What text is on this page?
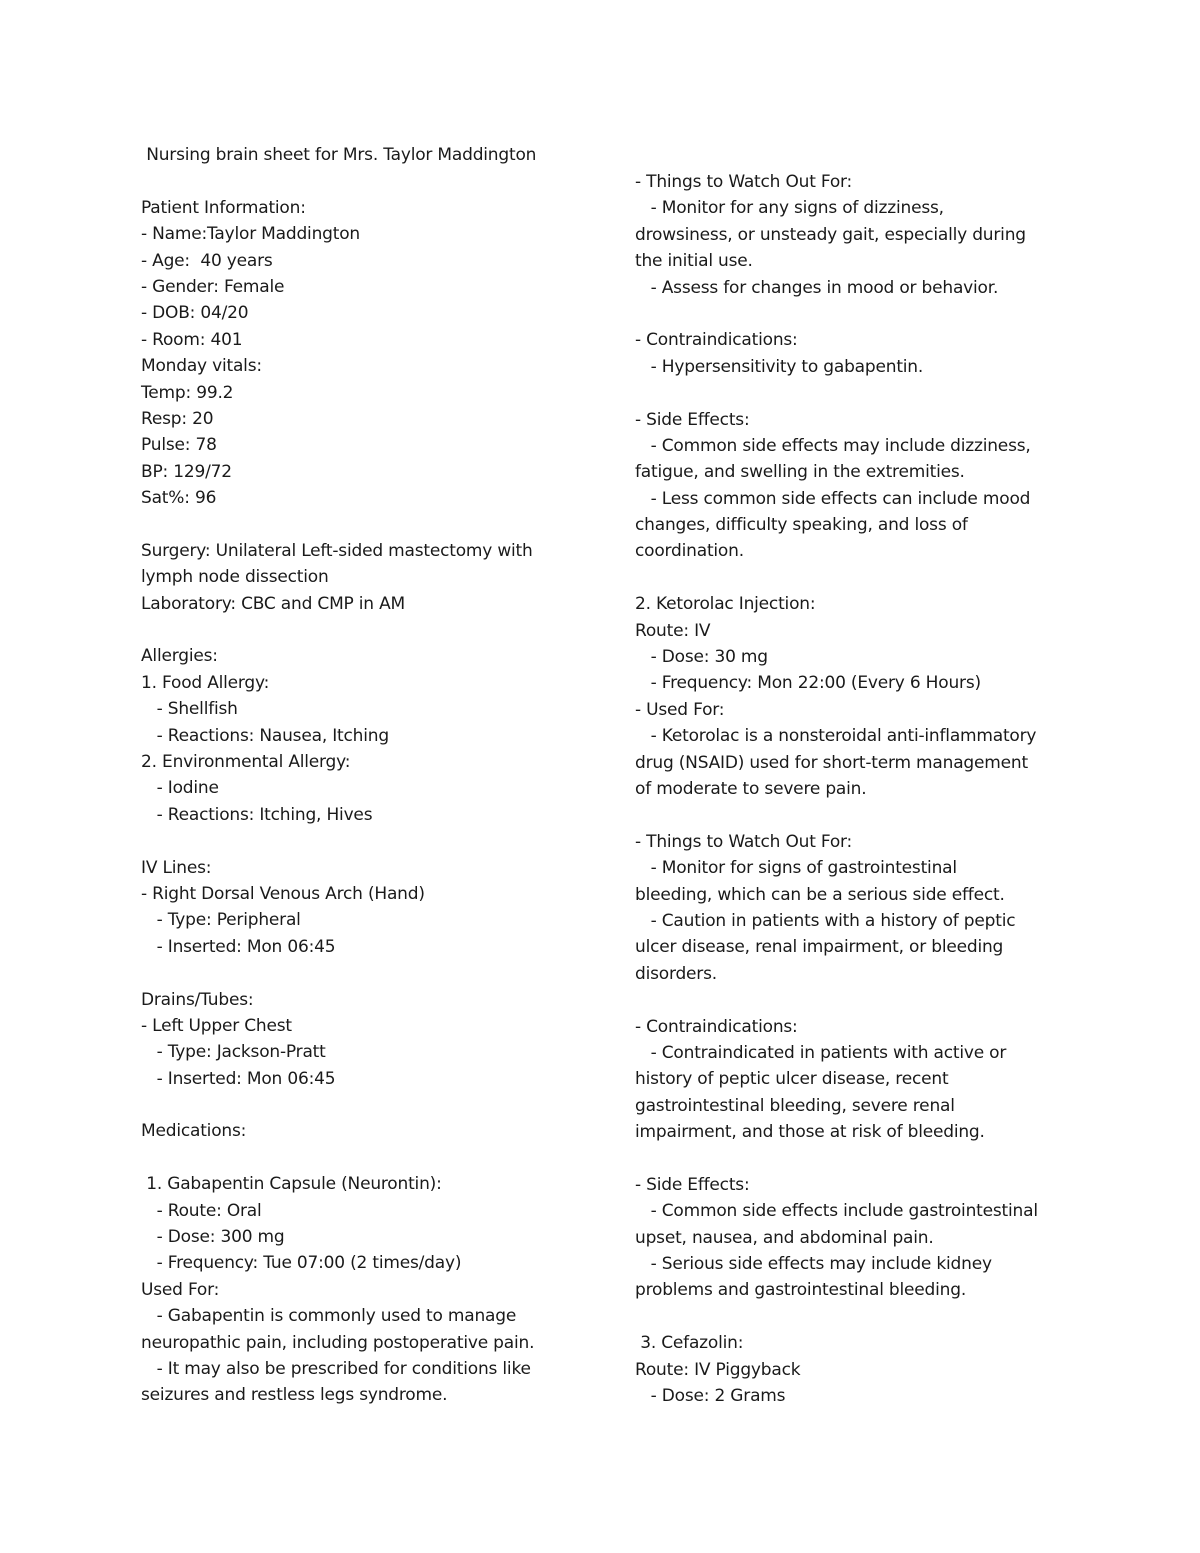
Nursing brain sheet for Mrs. Taylor Maddington
Patient Information:
- Name:Taylor Maddington
- Age:  40 years
- Gender: Female
- DOB: 04/20
- Room: 401
Monday vitals:
Temp: 99.2
Resp: 20
Pulse: 78
BP: 129/72
Sat%: 96
Surgery: Unilateral Left-sided mastectomy with
lymph node dissection
Laboratory: CBC and CMP in AM
Allergies:
1. Food Allergy:
- Shellfish
- Reactions: Nausea, Itching
2. Environmental Allergy:
- Iodine
- Reactions: Itching, Hives
IV Lines:
- Right Dorsal Venous Arch (Hand)
- Type: Peripheral
- Inserted: Mon 06:45
Drains/Tubes:
- Left Upper Chest
- Type: Jackson-Pratt
- Inserted: Mon 06:45
Medications:
1. Gabapentin Capsule (Neurontin):
- Route: Oral
- Dose: 300 mg
- Frequency: Tue 07:00 (2 times/day)
Used For:
- Gabapentin is commonly used to manage
neuropathic pain, including postoperative pain.
- It may also be prescribed for conditions like
seizures and restless legs syndrome.
- Things to Watch Out For:
- Monitor for any signs of dizziness,
drowsiness, or unsteady gait, especially during
the initial use.
- Assess for changes in mood or behavior.
- Contraindications:
- Hypersensitivity to gabapentin.
- Side Effects:
- Common side effects may include dizziness,
fatigue, and swelling in the extremities.
- Less common side effects can include mood
changes, difficulty speaking, and loss of
coordination.
2. Ketorolac Injection:
Route: IV
- Dose: 30 mg
- Frequency: Mon 22:00 (Every 6 Hours)
- Used For:
- Ketorolac is a nonsteroidal anti-inflammatory
drug (NSAID) used for short-term management
of moderate to severe pain.
- Things to Watch Out For:
- Monitor for signs of gastrointestinal
bleeding, which can be a serious side effect.
- Caution in patients with a history of peptic
ulcer disease, renal impairment, or bleeding
disorders.
- Contraindications:
- Contraindicated in patients with active or
history of peptic ulcer disease, recent
gastrointestinal bleeding, severe renal
impairment, and those at risk of bleeding.
- Side Effects:
- Common side effects include gastrointestinal
upset, nausea, and abdominal pain.
- Serious side effects may include kidney
problems and gastrointestinal bleeding.
3. Cefazolin:
Route: IV Piggyback
- Dose: 2 Grams
